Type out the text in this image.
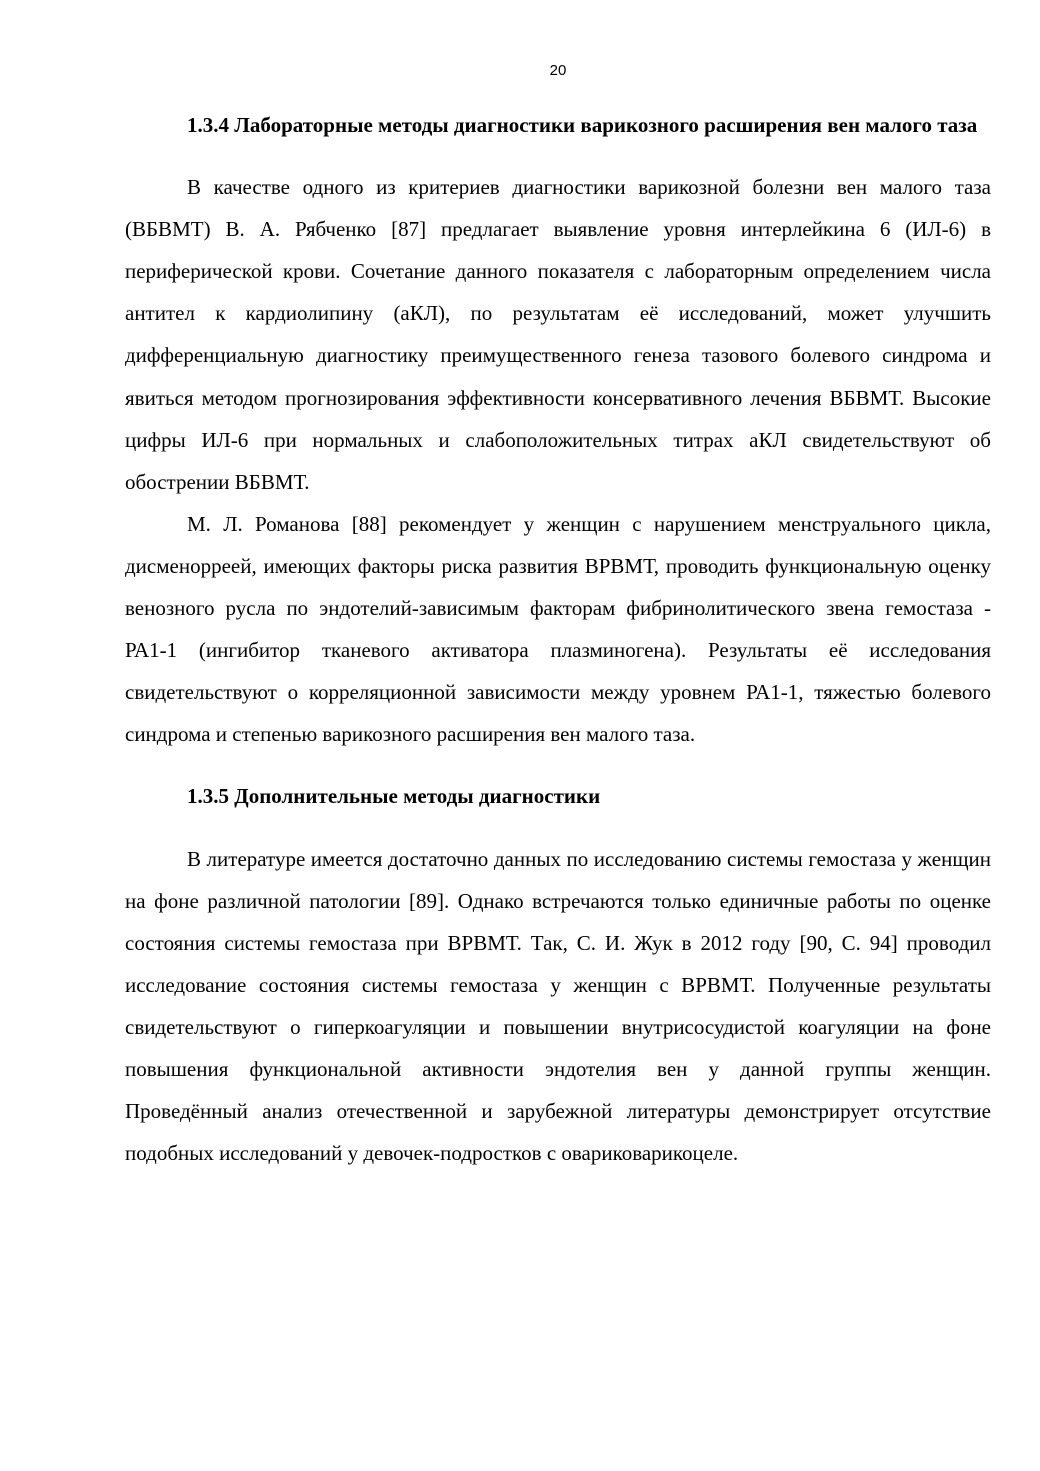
20

1.3.4 Лабораторные методы диагностики варикозного расширения вен малого таза

В качестве одного из критериев диагностики варикозной болезни вен малого таза (ВБВМТ) В. А. Рябченко [87] предлагает выявление уровня интерлейкина 6 (ИЛ-6) в периферической крови. Сочетание данного показателя с лабораторным определением числа антител к кардиолипину (аКЛ), по результатам её исследований, может улучшить дифференциальную диагностику преимущественного генеза тазового болевого синдрома и явиться методом прогнозирования эффективности консервативного лечения ВБВМТ. Высокие цифры ИЛ-6 при нормальных и слабоположительных титрах аКЛ свидетельствуют об обострении ВБВМТ.

М. Л. Романова [88] рекомендует у женщин с нарушением менструального цикла, дисменорреей, имеющих факторы риска развития ВРВМТ, проводить функциональную оценку венозного русла по эндотелий-зависимым факторам фибринолитического звена гемостаза - РА1-1 (ингибитор тканевого активатора плазминогена). Результаты её исследования свидетельствуют о корреляционной зависимости между уровнем РА1-1, тяжестью болевого синдрома и степенью варикозного расширения вен малого таза.

1.3.5 Дополнительные методы диагностики

В литературе имеется достаточно данных по исследованию системы гемостаза у женщин на фоне различной патологии [89]. Однако встречаются только единичные работы по оценке состояния системы гемостаза при ВРВМТ. Так, С. И. Жук в 2012 году [90, С. 94] проводил исследование состояния системы гемостаза у женщин с ВРВМТ. Полученные результаты свидетельствуют о гиперкоагуляции и повышении внутрисосудистой коагуляции на фоне повышения функциональной активности эндотелия вен у данной группы женщин. Проведённый анализ отечественной и зарубежной литературы демонстрирует отсутствие подобных исследований у девочек-подростков с овариковарикоцеле.
